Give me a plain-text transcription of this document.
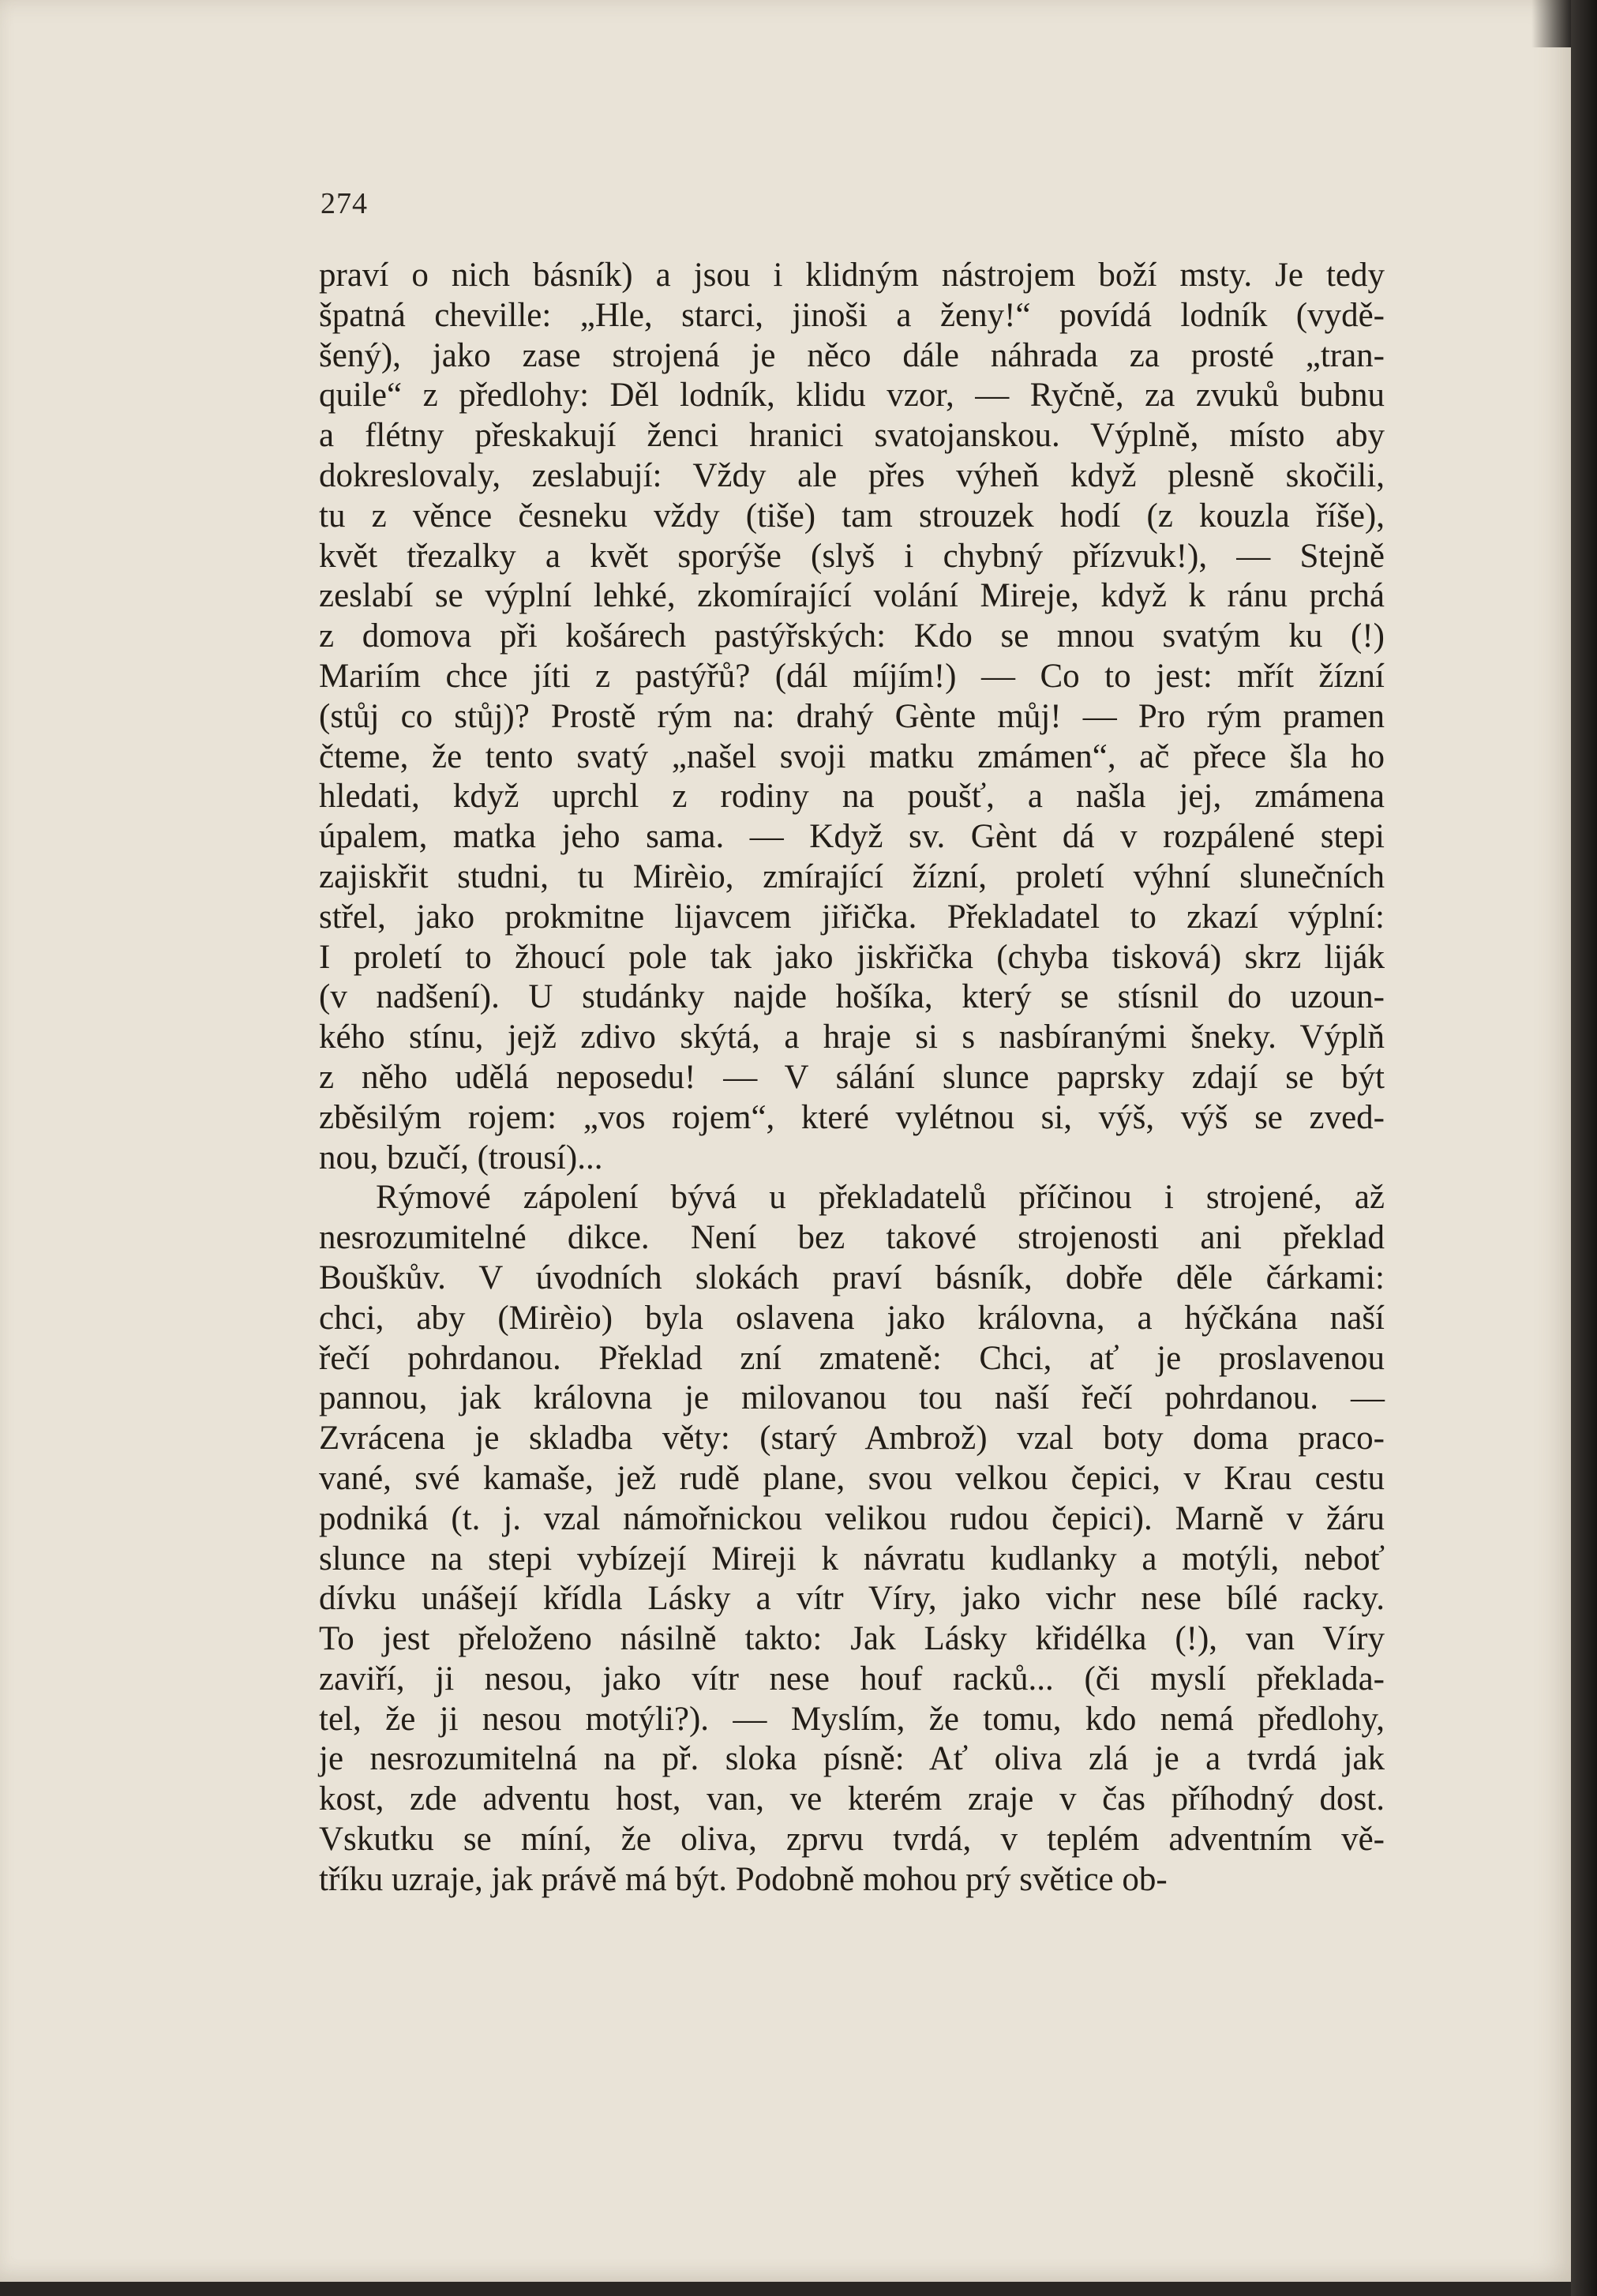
274
praví o nich básník) a jsou i klidným nástrojem boží msty. Je tedy
špatná cheville: „Hle, starci, jinoši a ženy!“ povídá lodník (vydě‑
šený), jako zase strojená je něco dále náhrada za prosté „tran‑
quile“ z předlohy: Děl lodník, klidu vzor, — Ryčně, za zvuků bubnu
a flétny přeskakují ženci hranici svatojanskou. Výplně, místo aby
dokreslovaly, zeslabují: Vždy ale přes výheň když plesně skočili,
tu z věnce česneku vždy (tiše) tam strouzek hodí (z kouzla říše),
květ třezalky a květ sporýše (slyš i chybný přízvuk!), — Stejně
zeslabí se výplní lehké, zkomírající volání Mireje, když k ránu prchá
z domova při košárech pastýřských: Kdo se mnou svatým ku (!)
Mariím chce jíti z pastýřů? (dál míjím!) — Co to jest: mřít žízní
(stůj co stůj)? Prostě rým na: drahý Gènte můj! — Pro rým pramen
čteme, že tento svatý „našel svoji matku zmámen“, ač přece šla ho
hledati, když uprchl z rodiny na poušť, a našla jej, zmámena
úpalem, matka jeho sama. — Když sv. Gènt dá v rozpálené stepi
zajiskřit studni, tu Mirèio, zmírající žízní, proletí výhní slunečních
střel, jako prokmitne lijavcem jiřička. Překladatel to zkazí výplní:
I proletí to žhoucí pole tak jako jiskřička (chyba tisková) skrz liják
(v nadšení). U studánky najde hošíka, který se stísnil do uzoun‑
kého stínu, jejž zdivo skýtá, a hraje si s nasbíranými šneky. Výplň
z něho udělá neposedu! — V sálání slunce paprsky zdají se být
zběsilým rojem: „vos rojem“, které vylétnou si, výš, výš se zved‑
nou, bzučí, (trousí)...
Rýmové zápolení bývá u překladatelů příčinou i strojené, až
nesrozumitelné dikce. Není bez takové strojenosti ani překlad
Bouškův. V úvodních slokách praví básník, dobře děle čárkami:
chci, aby (Mirèio) byla oslavena jako královna, a hýčkána naší
řečí pohrdanou. Překlad zní zmateně: Chci, ať je proslavenou
pannou, jak královna je milovanou tou naší řečí pohrdanou. —
Zvrácena je skladba věty: (starý Ambrož) vzal boty doma praco‑
vané, své kamaše, jež rudě plane, svou velkou čepici, v Krau cestu
podniká (t. j. vzal námořnickou velikou rudou čepici). Marně v žáru
slunce na stepi vybízejí Mireji k návratu kudlanky a motýli, neboť
dívku unášejí křídla Lásky a vítr Víry, jako vichr nese bílé racky.
To jest přeloženo násilně takto: Jak Lásky křidélka (!), van Víry
zaviří, ji nesou, jako vítr nese houf racků... (či myslí překlada‑
tel, že ji nesou motýli?). — Myslím, že tomu, kdo nemá předlohy,
je nesrozumitelná na př. sloka písně: Ať oliva zlá je a tvrdá jak
kost, zde adventu host, van, ve kterém zraje v čas příhodný dost.
Vskutku se míní, že oliva, zprvu tvrdá, v teplém adventním vě‑
tříku uzraje, jak právě má být. Podobně mohou prý světice ob‑
